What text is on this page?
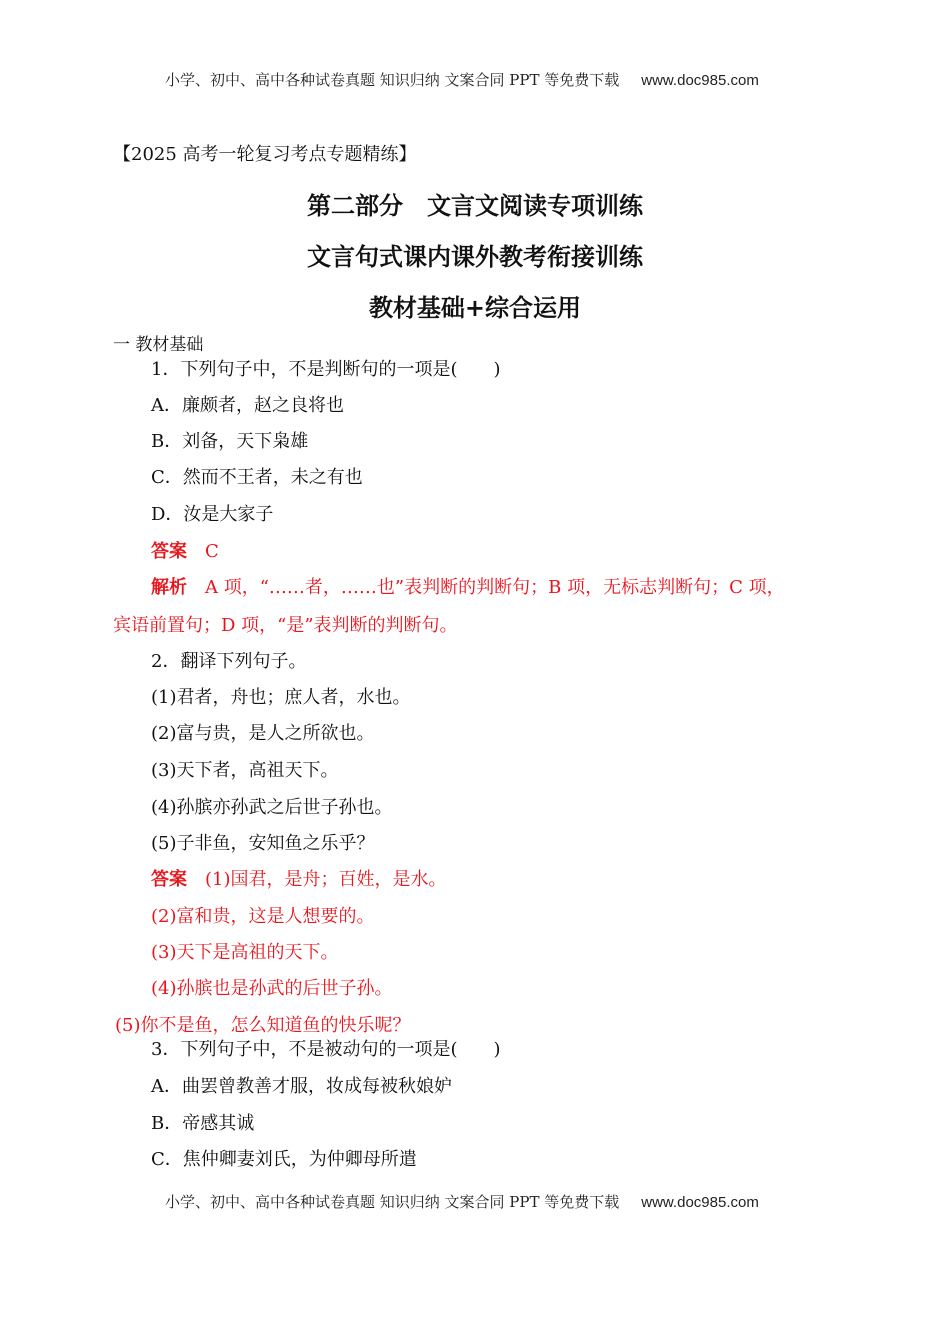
小学、初中、高中各种试卷真题 知识归纳 文案合同 PPT 等免费下载 www.doc985.com
【2025 高考一轮复习考点专题精练】
第二部分　文言文阅读专项训练
文言句式课内课外教考衔接训练
教材基础+综合运用
一 教材基础
1．下列句子中，不是判断句的一项是(　　)
A．廉颇者，赵之良将也
B．刘备，天下枭雄
C．然而不王者，未之有也
D．汝是大家子
答案 C
解析 A 项，“……者，……也”表判断的判断句；B 项，无标志判断句；C 项，
宾语前置句；D 项，“是”表判断的判断句。
2．翻译下列句子。
(1)君者，舟也；庶人者，水也。
(2)富与贵，是人之所欲也。
(3)天下者，高祖天下。
(4)孙膑亦孙武之后世子孙也。
(5)子非鱼，安知鱼之乐乎？
答案 (1)国君，是舟；百姓，是水。
(2)富和贵，这是人想要的。
(3)天下是高祖的天下。
(4)孙膑也是孙武的后世子孙。
(5)你不是鱼，怎么知道鱼的快乐呢？
3．下列句子中，不是被动句的一项是(　　)
A．曲罢曾教善才服，妆成每被秋娘妒
B．帝感其诚
C．焦仲卿妻刘氏，为仲卿母所遣
小学、初中、高中各种试卷真题 知识归纳 文案合同 PPT 等免费下载 www.doc985.com
